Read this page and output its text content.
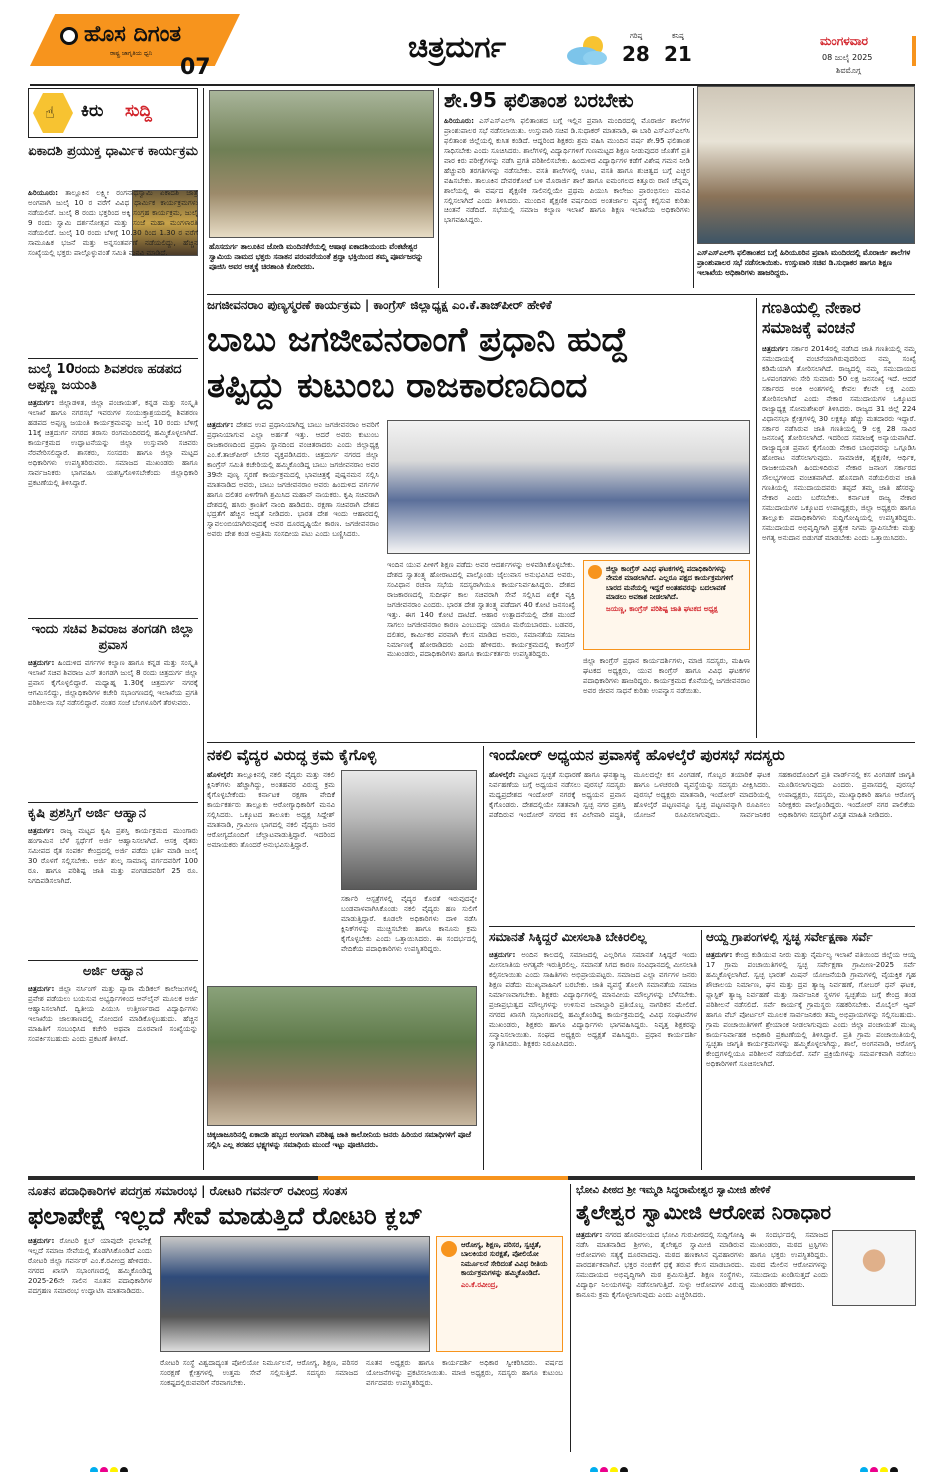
ಹೊಸ ದಿಗಂತ
ರಾಷ್ಟ್ರ ಜಾಗೃತಿಯ ಧ್ವನಿ
07
ಚಿತ್ರದುರ್ಗ	ಗರಿಷ್ಠ
28
ಕನಿಷ್ಠ
21
ಮಂಗಳವಾರ
08 ಜುಲೈ 2025
ಶಿವಮೊಗ್ಗ
☝ ಕಿರು ಸುದ್ದಿ
ಏಕಾದಶಿ ಪ್ರಯುಕ್ತ ಧಾರ್ಮಿಕ ಕಾರ್ಯಕ್ರಮ
ಹಿರಿಯೂರು: ತಾಲ್ಲೂಕಿನ ಲಕ್ಷ್ಮೀ ರಂಗನಾಥಸ್ವಾಮಿ ಏಕಾದಶಿ ಜಾತ್ರೆ ಅಂಗವಾಗಿ ಜುಲೈ 10 ರ ವರೆಗೆ ವಿವಿಧ ಧಾರ್ಮಿಕ ಕಾರ್ಯಕ್ರಮಗಳು ನಡೆಯಲಿವೆ. ಜುಲೈ 8 ರಂದು ಭಕ್ತರಿಂದ ಅಕ್ಕಿ ಸಂಗ್ರಹ ಕಾರ್ಯಕ್ರಮ, ಜುಲೈ 9 ರಂದು ಸ್ವಾಮಿ ದರ್ಶನೋತ್ಸವ ಮತ್ತು ಸಂಜೆ ಮಹಾ ಮಂಗಳಾರತಿ ನಡೆಯಲಿದೆ. ಜುಲೈ 10 ರಂದು ಬೆಳಿಗ್ಗೆ 10.30 ರಿಂದ 1.30 ರ ವರೆಗೆ ಸಾಮೂಹಿಕ ಭಜನೆ ಮತ್ತು ಅನ್ನಸಂತರ್ಪಣೆ ನಡೆಯಲಿದ್ದು, ಹೆಚ್ಚಿನ ಸಂಖ್ಯೆಯಲ್ಲಿ ಭಕ್ತರು ಪಾಲ್ಗೊಳ್ಳುವಂತೆ ಸಮಿತಿ ಮನವಿ ಮಾಡಿದೆ.
ಜುಲೈ 10ರಂದು ಶಿವಶರಣ ಹಡಪದ ಅಪ್ಪಣ್ಣ ಜಯಂತಿ
ಚಿತ್ರದುರ್ಗ: ಜಿಲ್ಲಾಡಳಿತ, ಜಿಲ್ಲಾ ಪಂಚಾಯತ್, ಕನ್ನಡ ಮತ್ತು ಸಂಸ್ಕೃತಿ ಇಲಾಖೆ ಹಾಗೂ ನಗರಸಭೆ ಇವರುಗಳ ಸಂಯುಕ್ತಾಶ್ರಯದಲ್ಲಿ ಶಿವಶರಣ ಹಡಪದ ಅಪ್ಪಣ್ಣ ಜಯಂತಿ ಕಾರ್ಯಕ್ರಮವನ್ನು ಜುಲೈ 10 ರಂದು ಬೆಳಿಗ್ಗೆ 11ಕ್ಕೆ ಚಿತ್ರದುರ್ಗ ನಗರದ ತರಾಸು ರಂಗಮಂದಿರದಲ್ಲಿ ಹಮ್ಮಿಕೊಳ್ಳಲಾಗಿದೆ. ಕಾರ್ಯಕ್ರಮದ ಉದ್ಘಾಟನೆಯನ್ನು ಜಿಲ್ಲಾ ಉಸ್ತುವಾರಿ ಸಚಿವರು ನೆರವೇರಿಸಲಿದ್ದಾರೆ. ಶಾಸಕರು, ಸಂಸದರು ಹಾಗೂ ಜಿಲ್ಲಾ ಮಟ್ಟದ ಅಧಿಕಾರಿಗಳು ಉಪಸ್ಥಿತರಿರುವರು. ಸಮಾಜದ ಮುಖಂಡರು ಹಾಗೂ ಸಾರ್ವಜನಿಕರು ಭಾಗವಹಿಸಿ ಯಶಸ್ವಿಗೊಳಿಸಬೇಕೆಂದು ಜಿಲ್ಲಾಧಿಕಾರಿ ಪ್ರಕಟಣೆಯಲ್ಲಿ ತಿಳಿಸಿದ್ದಾರೆ.
ಇಂದು ಸಚಿವ ಶಿವರಾಜ ತಂಗಡಗಿ ಜಿಲ್ಲಾ ಪ್ರವಾಸ
ಚಿತ್ರದುರ್ಗ: ಹಿಂದುಳಿದ ವರ್ಗಗಳ ಕಲ್ಯಾಣ ಹಾಗೂ ಕನ್ನಡ ಮತ್ತು ಸಂಸ್ಕೃತಿ ಇಲಾಖೆ ಸಚಿವ ಶಿವರಾಜ ಎಸ್ ತಂಗಡಗಿ ಜುಲೈ 8 ರಂದು ಚಿತ್ರದುರ್ಗ ಜಿಲ್ಲಾ ಪ್ರವಾಸ ಕೈಗೊಳ್ಳಲಿದ್ದಾರೆ. ಮಧ್ಯಾಹ್ನ 1.30ಕ್ಕೆ ಚಿತ್ರದುರ್ಗ ನಗರಕ್ಕೆ ಆಗಮಿಸಲಿದ್ದು, ಜಿಲ್ಲಾಧಿಕಾರಿಗಳ ಕಚೇರಿ ಸಭಾಂಗಣದಲ್ಲಿ ಇಲಾಖೆಯ ಪ್ರಗತಿ ಪರಿಶೀಲನಾ ಸಭೆ ನಡೆಸಲಿದ್ದಾರೆ. ನಂತರ ಸಂಜೆ ಬೆಂಗಳೂರಿಗೆ ತೆರಳುವರು.
ಕೃಷಿ ಪ್ರಶಸ್ತಿಗೆ ಅರ್ಜಿ ಆಹ್ವಾನ
ಚಿತ್ರದುರ್ಗ: ರಾಜ್ಯ ಮಟ್ಟದ ಕೃಷಿ ಪ್ರಶಸ್ತಿ ಕಾರ್ಯಕ್ರಮದ ಮುಂಗಾರು ಹಂಗಾಮಿನ ಬೆಳೆ ಸ್ಪರ್ಧೆಗೆ ಅರ್ಜಿ ಆಹ್ವಾನಿಸಲಾಗಿದೆ. ಆಸಕ್ತ ರೈತರು ಸಮೀಪದ ರೈತ ಸಂಪರ್ಕ ಕೇಂದ್ರದಲ್ಲಿ ಅರ್ಜಿ ಪಡೆದು ಭರ್ತಿ ಮಾಡಿ ಜುಲೈ 30 ರೊಳಗೆ ಸಲ್ಲಿಸಬೇಕು. ಅರ್ಜಿ ಶುಲ್ಕ ಸಾಮಾನ್ಯ ವರ್ಗದವರಿಗೆ 100 ರೂ. ಹಾಗೂ ಪರಿಶಿಷ್ಟ ಜಾತಿ ಮತ್ತು ಪಂಗಡದವರಿಗೆ 25 ರೂ. ನಿಗದಿಪಡಿಸಲಾಗಿದೆ.
ಅರ್ಜಿ ಆಹ್ವಾನ
ಚಿತ್ರದುರ್ಗ: ಜಿಲ್ಲಾ ನರ್ಸಿಂಗ್ ಮತ್ತು ಪ್ಯಾರಾ ಮೆಡಿಕಲ್ ಕಾಲೇಜುಗಳಲ್ಲಿ ಪ್ರವೇಶ ಪಡೆಯಲು ಬಯಸುವ ಅಭ್ಯರ್ಥಿಗಳಿಂದ ಆನ್‍ಲೈನ್ ಮೂಲಕ ಅರ್ಜಿ ಆಹ್ವಾನಿಸಲಾಗಿದೆ. ದ್ವಿತೀಯ ಪಿಯುಸಿ ಉತ್ತೀರ್ಣರಾದ ವಿದ್ಯಾರ್ಥಿಗಳು ಇಲಾಖೆಯ ಜಾಲತಾಣದಲ್ಲಿ ನೋಂದಣಿ ಮಾಡಿಕೊಳ್ಳಬಹುದು. ಹೆಚ್ಚಿನ ಮಾಹಿತಿಗೆ ಸಂಬಂಧಿಸಿದ ಕಚೇರಿ ಅಥವಾ ದೂರವಾಣಿ ಸಂಖ್ಯೆಯನ್ನು ಸಂಪರ್ಕಿಸಬಹುದು ಎಂದು ಪ್ರಕಟಣೆ ತಿಳಿಸಿದೆ.
ಹೊಸದುರ್ಗ ತಾಲೂಕಿನ ಜೋಡಿ ಮಂದಿನಕೆರೆಯಲ್ಲಿ ಆಷಾಢ ಏಕಾದಶಿಯಂದು ವೆಂಕಟೇಶ್ವರ ಸ್ವಾಮಿಯ ನಾಮದ ಭಕ್ತರು ಸನಾತನ ಪರಂಪರೆಯಂತೆ ಶ್ರದ್ಧಾ ಭಕ್ತಿಯಿಂದ ತಮ್ಮ ಪೂರ್ವಜರನ್ನು ಪೂಜಿಸಿ ಅವರ ಆತ್ಮಕ್ಕೆ ಚಿರಶಾಂತಿ ಕೋರಿದರು.
ಶೇ.95 ಫಲಿತಾಂಶ ಬರಬೇಕು
ಹಿರಿಯೂರು: ಎಸ್‍ಎಸ್‍ಎಲ್‍ಸಿ ಫಲಿತಾಂಶದ ಬಗ್ಗೆ ಇಲ್ಲಿನ ಪ್ರವಾಸಿ ಮಂದಿರದಲ್ಲಿ ಮೊರಾರ್ಜಿ ಶಾಲೆಗಳ ಪ್ರಾಂಶುಪಾಲರ ಸಭೆ ನಡೆಸಲಾಯಿತು. ಉಸ್ತುವಾರಿ ಸಚಿವ ಡಿ.ಸುಧಾಕರ್ ಮಾತನಾಡಿ, ಈ ಬಾರಿ ಎಸ್‍ಎಸ್‍ಎಲ್‍ಸಿ ಫಲಿತಾಂಶ ಜಿಲ್ಲೆಯಲ್ಲಿ ಕುಸಿತ ಕಂಡಿದೆ. ಆದ್ದರಿಂದ ಶಿಕ್ಷಕರು ಶ್ರಮ ವಹಿಸಿ ಮುಂದಿನ ವರ್ಷ ಶೇ.95 ಫಲಿತಾಂಶ ಸಾಧಿಸಬೇಕು ಎಂದು ಸೂಚಿಸಿದರು. ಶಾಲೆಗಳಲ್ಲಿ ವಿದ್ಯಾರ್ಥಿಗಳಿಗೆ ಗುಣಮಟ್ಟದ ಶಿಕ್ಷಣ ನೀಡುವುದರ ಜೊತೆಗೆ ಪ್ರತಿ ವಾರ ಕಿರು ಪರೀಕ್ಷೆಗಳನ್ನು ನಡೆಸಿ ಪ್ರಗತಿ ಪರಿಶೀಲಿಸಬೇಕು. ಹಿಂದುಳಿದ ವಿದ್ಯಾರ್ಥಿಗಳ ಕಡೆಗೆ ವಿಶೇಷ ಗಮನ ನೀಡಿ ಹೆಚ್ಚುವರಿ ತರಗತಿಗಳನ್ನು ನಡೆಸಬೇಕು. ವಸತಿ ಶಾಲೆಗಳಲ್ಲಿ ಊಟ, ವಸತಿ ಹಾಗೂ ಶುಚಿತ್ವದ ಬಗ್ಗೆ ಎಚ್ಚರ ವಹಿಸಬೇಕು. ತಾಲೂಕಿನ ದೇವರಕೋಟೆ ಬಳಿ ಮೊರಾರ್ಜಿ ಶಾಲೆ ಹಾಗೂ ಐಮಂಗಲದ ಕಿತ್ತೂರು ರಾಣಿ ಚೆನ್ನಮ್ಮ ಶಾಲೆಯಲ್ಲಿ ಈ ವರ್ಷದ ಶೈಕ್ಷಣಿಕ ಸಾಲಿನಲ್ಲಿಯೇ ಪ್ರಥಮ ಪಿಯುಸಿ ಕಾಲೇಜು ಪ್ರಾರಂಭಿಸಲು ಮನವಿ ಸಲ್ಲಿಸಲಾಗಿದೆ ಎಂದು ತಿಳಿಸಿದರು. ಮುಂದಿನ ಶೈಕ್ಷಣಿಕ ವರ್ಷದಿಂದ ಅಂತರ್ಜಾಲ ವ್ಯವಸ್ಥೆ ಕಲ್ಪಿಸುವ ಕುರಿತು ಚಿಂತನೆ ನಡೆದಿದೆ. ಸಭೆಯಲ್ಲಿ ಸಮಾಜ ಕಲ್ಯಾಣ ಇಲಾಖೆ ಹಾಗೂ ಶಿಕ್ಷಣ ಇಲಾಖೆಯ ಅಧಿಕಾರಿಗಳು ಭಾಗವಹಿಸಿದ್ದರು.
ಎಸ್‍ಎಸ್‍ಎಲ್‍ಸಿ ಫಲಿತಾಂಶದ ಬಗ್ಗೆ ಹಿರಿಯೂರಿನ ಪ್ರವಾಸಿ ಮಂದಿರದಲ್ಲಿ ಮೊರಾರ್ಜಿ ಶಾಲೆಗಳ ಪ್ರಾಂಶುಪಾಲರ ಸಭೆ ನಡೆಸಲಾಯಿತು. ಉಸ್ತುವಾರಿ ಸಚಿವ ಡಿ.ಸುಧಾಕರ ಹಾಗೂ ಶಿಕ್ಷಣ ಇಲಾಖೆಯ ಅಧಿಕಾರಿಗಳು ಹಾಜರಿದ್ದರು.
ಜಗಜೀವನರಾಂ ಪುಣ್ಯಸ್ಮರಣೆ ಕಾರ್ಯಕ್ರಮ | ಕಾಂಗ್ರೆಸ್ ಜಿಲ್ಲಾಧ್ಯಕ್ಷ ಎಂ.ಕೆ.ತಾಜ್‍ಪೀರ್ ಹೇಳಿಕೆ
ಬಾಬು ಜಗಜೀವನರಾಂಗೆ ಪ್ರಧಾನಿ ಹುದ್ದೆ
ತಪ್ಪಿದ್ದು ಕುಟುಂಬ ರಾಜಕಾರಣದಿಂದ
ಚಿತ್ರದುರ್ಗ: ದೇಶದ ಉಪ ಪ್ರಧಾನಿಯಾಗಿದ್ದ ಬಾಬು ಜಗಜೀವನರಾಂ ಅವರಿಗೆ ಪ್ರಧಾನಿಯಾಗುವ ಎಲ್ಲಾ ಅರ್ಹತೆ ಇತ್ತು. ಆದರೆ ಅವರು ಕುಟುಂಬ ರಾಜಕಾರಣದಿಂದ ಪ್ರಧಾನಿ ಸ್ಥಾನದಿಂದ ವಂಚಿತರಾದರು ಎಂದು ಜಿಲ್ಲಾಧ್ಯಕ್ಷ ಎಂ.ಕೆ.ತಾಜ್‍ಪೀರ್ ಬೇಸರ ವ್ಯಕ್ತಪಡಿಸಿದರು. ಚಿತ್ರದುರ್ಗ ನಗರದ ಜಿಲ್ಲಾ ಕಾಂಗ್ರೆಸ್ ಸಮಿತಿ ಕಚೇರಿಯಲ್ಲಿ ಹಮ್ಮಿಕೊಂಡಿದ್ದ ಬಾಬು ಜಗಜೀವನರಾಂ ಅವರ 39ನೇ ಪುಣ್ಯ ಸ್ಮರಣೆ ಕಾರ್ಯಕ್ರಮದಲ್ಲಿ ಭಾವಚಿತ್ರಕ್ಕೆ ಪುಷ್ಪನಮನ ಸಲ್ಲಿಸಿ ಮಾತನಾಡಿದ ಅವರು, ಬಾಬು ಜಗಜೀವನರಾಂ ಅವರು ಹಿಂದುಳಿದ ವರ್ಗಗಳ ಹಾಗೂ ದಲಿತರ ಏಳಿಗೆಗಾಗಿ ಶ್ರಮಿಸಿದ ಮಹಾನ್ ನಾಯಕರು. ಕೃಷಿ ಸಚಿವರಾಗಿ ದೇಶದಲ್ಲಿ ಹಸಿರು ಕ್ರಾಂತಿಗೆ ನಾಂದಿ ಹಾಡಿದರು. ರಕ್ಷಣಾ ಸಚಿವರಾಗಿ ದೇಶದ ಭದ್ರತೆಗೆ ಹೆಚ್ಚಿನ ಆದ್ಯತೆ ನೀಡಿದರು. ಭಾರತ ದೇಶ ಇಂದು ಆಹಾರದಲ್ಲಿ ಸ್ವಾವಲಂಬಿಯಾಗಿರುವುದಕ್ಕೆ ಅವರ ದೂರದೃಷ್ಟಿಯೇ ಕಾರಣ. ಜಗಜೀವನರಾಂ ಅವರು ದೇಶ ಕಂಡ ಅಪ್ರತಿಮ ಸಂಸದೀಯ ಪಟು ಎಂದು ಬಣ್ಣಿಸಿದರು.
ಇಂದಿನ ಯುವ ಪೀಳಿಗೆ ಶಿಕ್ಷಣ ಪಡೆದು ಅವರ ಆದರ್ಶಗಳನ್ನು ಅಳವಡಿಸಿಕೊಳ್ಳಬೇಕು. ದೇಶದ ಸ್ವಾತಂತ್ರ್ಯ ಹೋರಾಟದಲ್ಲಿ ಪಾಲ್ಗೊಂಡು ಜೈಲುವಾಸ ಅನುಭವಿಸಿದ ಅವರು, ಸಂವಿಧಾನ ರಚನಾ ಸಭೆಯ ಸದಸ್ಯರಾಗಿಯೂ ಕಾರ್ಯನಿರ್ವಹಿಸಿದ್ದರು. ದೇಶದ ರಾಜಕಾರಣದಲ್ಲಿ ಸುದೀರ್ಘ ಕಾಲ ಸಚಿವರಾಗಿ ಸೇವೆ ಸಲ್ಲಿಸಿದ ಏಕೈಕ ವ್ಯಕ್ತಿ ಜಗಜೀವನರಾಂ ಎಂದರು. ಭಾರತ ದೇಶ ಸ್ವಾತಂತ್ರ್ಯ ಪಡೆದಾಗ 40 ಕೋಟಿ ಜನಸಂಖ್ಯೆ ಇತ್ತು. ಈಗ 140 ಕೋಟಿ ದಾಟಿದೆ. ಆಹಾರ ಉತ್ಪಾದನೆಯಲ್ಲಿ ದೇಶ ಮುಂದೆ ಸಾಗಲು ಜಗಜೀವನರಾಂ ಕಾರಣ ಎಂಬುದನ್ನು ಯಾರೂ ಮರೆಯಬಾರದು. ಬಡವರ, ದಲಿತರ, ಕಾರ್ಮಿಕರ ಪರವಾಗಿ ಕೆಲಸ ಮಾಡಿದ ಅವರು, ಸಮಾನತೆಯ ಸಮಾಜ ನಿರ್ಮಾಣಕ್ಕೆ ಹೋರಾಡಿದರು ಎಂದು ಹೇಳಿದರು. ಕಾರ್ಯಕ್ರಮದಲ್ಲಿ ಕಾಂಗ್ರೆಸ್ ಮುಖಂಡರು, ಪದಾಧಿಕಾರಿಗಳು ಹಾಗೂ ಕಾರ್ಯಕರ್ತರು ಉಪಸ್ಥಿತರಿದ್ದರು.
ಜಿಲ್ಲಾ ಕಾಂಗ್ರೆಸ್ ವಿವಿಧ ಘಟಕಗಳಲ್ಲಿ ಪದಾಧಿಕಾರಿಗಳನ್ನು ನೇಮಕ ಮಾಡಲಾಗಿದೆ. ಎಲ್ಲರೂ ಪಕ್ಷದ ಕಾರ್ಯಕ್ರಮಗಳಿಗೆ ಬಾರದ ಮನೆಯಲ್ಲಿ ಇದ್ದರೆ ಅಂತಹವರನ್ನು ಬದಲಾವಣೆ ಮಾಡಲು ಅವಕಾಶ ನೀಡಲಾಗಿದೆ.
ಜಯಣ್ಣ, ಕಾಂಗ್ರೆಸ್ ಪರಿಶಿಷ್ಟ ಜಾತಿ ಘಟಕದ ಅಧ್ಯಕ್ಷ
ಜಿಲ್ಲಾ ಕಾಂಗ್ರೆಸ್ ಪ್ರಧಾನ ಕಾರ್ಯದರ್ಶಿಗಳು, ಮಾಜಿ ಸದಸ್ಯರು, ಮಹಿಳಾ ಘಟಕದ ಅಧ್ಯಕ್ಷರು, ಯುವ ಕಾಂಗ್ರೆಸ್ ಹಾಗೂ ವಿವಿಧ ಘಟಕಗಳ ಪದಾಧಿಕಾರಿಗಳು ಹಾಜರಿದ್ದರು. ಕಾರ್ಯಕ್ರಮದ ಕೊನೆಯಲ್ಲಿ ಜಗಜೀವನರಾಂ ಅವರ ಜೀವನ ಸಾಧನೆ ಕುರಿತು ಉಪನ್ಯಾಸ ನಡೆಯಿತು.
ಗಣತಿಯಲ್ಲಿ ನೇಕಾರ
ಸಮಾಜಕ್ಕೆ ವಂಚನೆ
ಚಿತ್ರದುರ್ಗ: ಸರ್ಕಾರ 2014ರಲ್ಲಿ ನಡೆಸಿದ ಜಾತಿ ಗಣತಿಯಲ್ಲಿ ನಮ್ಮ ಸಮುದಾಯಕ್ಕೆ ವಂಚನೆಯಾಗಿರುವುದರಿಂದ ನಮ್ಮ ಸಂಖ್ಯೆ ಕಡಿಮೆಯಾಗಿ ತೋರಿಸಲಾಗಿದೆ. ರಾಜ್ಯದಲ್ಲಿ ನಮ್ಮ ಸಮುದಾಯದ ಒಳಪಂಗಡಗಳು ಸೇರಿ ಸುಮಾರು 50 ಲಕ್ಷ ಜನಸಂಖ್ಯೆ ಇದೆ. ಆದರೆ ಸರ್ಕಾರದ ಅಂಕಿ ಅಂಶಗಳಲ್ಲಿ ಕೇವಲ ಕೆಲವೇ ಲಕ್ಷ ಎಂದು ತೋರಿಸಲಾಗಿದೆ ಎಂದು ನೇಕಾರ ಸಮುದಾಯಗಳ ಒಕ್ಕೂಟದ ರಾಜ್ಯಾಧ್ಯಕ್ಷ ಸೋಮಶೇಖರ್ ತಿಳಿಸಿದರು. ರಾಜ್ಯದ 31 ಜಿಲ್ಲೆ 224 ವಿಧಾನಸಭಾ ಕ್ಷೇತ್ರಗಳಲ್ಲಿ 30 ಲಕ್ಷಕ್ಕೂ ಹೆಚ್ಚು ಮತದಾರರು ಇದ್ದಾರೆ. ಸರ್ಕಾರ ನಡೆಸಿರುವ ಜಾತಿ ಗಣತಿಯಲ್ಲಿ 9 ಲಕ್ಷ 28 ಸಾವಿರ ಜನಸಂಖ್ಯೆ ತೋರಿಸಲಾಗಿದೆ. ಇದರಿಂದ ಸಮಾಜಕ್ಕೆ ಅನ್ಯಾಯವಾಗಿದೆ. ರಾಜ್ಯಾದ್ಯಂತ ಪ್ರವಾಸ ಕೈಗೊಂಡು ನೇಕಾರ ಬಾಂಧವರನ್ನು ಒಗ್ಗೂಡಿಸಿ ಹೋರಾಟ ನಡೆಸಲಾಗುವುದು. ಸಾಮಾಜಿಕ, ಶೈಕ್ಷಣಿಕ, ಆರ್ಥಿಕ, ರಾಜಕೀಯವಾಗಿ ಹಿಂದುಳಿದಿರುವ ನೇಕಾರ ಜನಾಂಗ ಸರ್ಕಾರದ ಸೌಲಭ್ಯಗಳಿಂದ ವಂಚಿತವಾಗಿದೆ. ಹೊಸದಾಗಿ ನಡೆಯಲಿರುವ ಜಾತಿ ಗಣತಿಯಲ್ಲಿ ಸಮುದಾಯದವರು ತಪ್ಪದೆ ತಮ್ಮ ಜಾತಿ ಹೆಸರನ್ನು ನೇಕಾರ ಎಂದು ಬರೆಸಬೇಕು. ಕರ್ನಾಟಕ ರಾಜ್ಯ ನೇಕಾರ ಸಮುದಾಯಗಳ ಒಕ್ಕೂಟದ ಉಪಾಧ್ಯಕ್ಷರು, ಜಿಲ್ಲಾ ಅಧ್ಯಕ್ಷರು ಹಾಗೂ ತಾಲ್ಲೂಕು ಪದಾಧಿಕಾರಿಗಳು ಸುದ್ದಿಗೋಷ್ಠಿಯಲ್ಲಿ ಉಪಸ್ಥಿತರಿದ್ದರು. ಸಮುದಾಯದ ಅಭಿವೃದ್ಧಿಗಾಗಿ ಪ್ರತ್ಯೇಕ ನಿಗಮ ಸ್ಥಾಪಿಸಬೇಕು ಮತ್ತು ಅಗತ್ಯ ಅನುದಾನ ಬಿಡುಗಡೆ ಮಾಡಬೇಕು ಎಂದು ಒತ್ತಾಯಿಸಿದರು.
ನಕಲಿ ವೈದ್ಯರ ವಿರುದ್ಧ ಕ್ರಮ ಕೈಗೊಳ್ಳಿ
ಹೊಳಲ್ಕೆರೆ: ತಾಲ್ಲೂಕಿನಲ್ಲಿ ನಕಲಿ ವೈದ್ಯರು ಮತ್ತು ನಕಲಿ ಕ್ಲಿನಿಕ್‍ಗಳು ಹೆಚ್ಚಾಗಿದ್ದು, ಅಂತಹವರ ವಿರುದ್ಧ ಕ್ರಮ ಕೈಗೊಳ್ಳಬೇಕೆಂದು ಕರ್ನಾಟಕ ರಕ್ಷಣಾ ವೇದಿಕೆ ಕಾರ್ಯಕರ್ತರು ತಾಲ್ಲೂಕು ಆರೋಗ್ಯಾಧಿಕಾರಿಗೆ ಮನವಿ ಸಲ್ಲಿಸಿದರು. ಒಕ್ಕೂಟದ ತಾಲೂಕು ಅಧ್ಯಕ್ಷ ಸಿದ್ದೇಶ್ ಮಾತನಾಡಿ, ಗ್ರಾಮೀಣ ಭಾಗದಲ್ಲಿ ನಕಲಿ ವೈದ್ಯರು ಜನರ ಆರೋಗ್ಯದೊಂದಿಗೆ ಚೆಲ್ಲಾಟವಾಡುತ್ತಿದ್ದಾರೆ. ಇದರಿಂದ ಅಮಾಯಕರು ತೊಂದರೆ ಅನುಭವಿಸುತ್ತಿದ್ದಾರೆ.
ಸರ್ಕಾರಿ ಆಸ್ಪತ್ರೆಗಳಲ್ಲಿ ವೈದ್ಯರ ಕೊರತೆ ಇರುವುದನ್ನೇ ಬಂಡವಾಳವಾಗಿಸಿಕೊಂಡು ನಕಲಿ ವೈದ್ಯರು ಹಣ ಸುಲಿಗೆ ಮಾಡುತ್ತಿದ್ದಾರೆ. ಕೂಡಲೇ ಅಧಿಕಾರಿಗಳು ದಾಳಿ ನಡೆಸಿ ಕ್ಲಿನಿಕ್‍ಗಳನ್ನು ಮುಚ್ಚಿಸಬೇಕು ಹಾಗೂ ಕಾನೂನು ಕ್ರಮ ಕೈಗೊಳ್ಳಬೇಕು ಎಂದು ಒತ್ತಾಯಿಸಿದರು. ಈ ಸಂದರ್ಭದಲ್ಲಿ ವೇದಿಕೆಯ ಪದಾಧಿಕಾರಿಗಳು ಉಪಸ್ಥಿತರಿದ್ದರು.
ಚಿಕ್ಕಜಾಜೂರಿನಲ್ಲಿ ಏಕಾದಶಿ ಹಬ್ಬದ ಅಂಗವಾಗಿ ಪರಿಶಿಷ್ಟ ಜಾತಿ ಕಾಲೋನಿಯ ಜನರು ಹಿರಿಯರ ಸಮಾಧಿಗಳಿಗೆ ಪೂಜೆ ಸಲ್ಲಿಸಿ ಎಲ್ಲ ತರಹದ ಭಕ್ಷ್ಯಗಳನ್ನು ಸಮಾಧಿಯ ಮುಂದೆ ಇಟ್ಟು ಪೂಜಿಸಿದರು.
ಇಂದೋರ್ ಅಧ್ಯಯನ ಪ್ರವಾಸಕ್ಕೆ ಹೊಳಲ್ಕೆರೆ ಪುರಸಭೆ ಸದಸ್ಯರು
ಹೊಳಲ್ಕೆರೆ: ಪಟ್ಟಣದ ಸ್ವಚ್ಛತೆ ಸುಧಾರಣೆ ಹಾಗೂ ಘನತ್ಯಾಜ್ಯ ನಿರ್ವಹಣೆಯ ಬಗ್ಗೆ ಅಧ್ಯಯನ ನಡೆಸಲು ಪುರಸಭೆ ಸದಸ್ಯರು ಮಧ್ಯಪ್ರದೇಶದ ಇಂದೋರ್ ನಗರಕ್ಕೆ ಅಧ್ಯಯನ ಪ್ರವಾಸ ಕೈಗೊಂಡರು. ದೇಶದಲ್ಲಿಯೇ ಸತತವಾಗಿ ಸ್ವಚ್ಛ ನಗರ ಪ್ರಶಸ್ತಿ ಪಡೆದಿರುವ ಇಂದೋರ್ ನಗರದ ಕಸ ವಿಲೇವಾರಿ ಪದ್ಧತಿ, ಮೂಲದಲ್ಲೇ ಕಸ ವಿಂಗಡಣೆ, ಗೊಬ್ಬರ ತಯಾರಿಕೆ ಘಟಕ ಹಾಗೂ ಒಳಚರಂಡಿ ವ್ಯವಸ್ಥೆಯನ್ನು ಸದಸ್ಯರು ವೀಕ್ಷಿಸಿದರು. ಪುರಸಭೆ ಅಧ್ಯಕ್ಷರು ಮಾತನಾಡಿ, ಇಂದೋರ್ ಮಾದರಿಯಲ್ಲಿ ಹೊಳಲ್ಕೆರೆ ಪಟ್ಟಣವನ್ನೂ ಸ್ವಚ್ಛ ಪಟ್ಟಣವನ್ನಾಗಿ ರೂಪಿಸಲು ಯೋಜನೆ ರೂಪಿಸಲಾಗುವುದು. ಸಾರ್ವಜನಿಕರ ಸಹಕಾರದೊಂದಿಗೆ ಪ್ರತಿ ವಾರ್ಡ್‍ನಲ್ಲಿ ಕಸ ವಿಂಗಡಣೆ ಜಾಗೃತಿ ಮೂಡಿಸಲಾಗುವುದು ಎಂದರು. ಪ್ರವಾಸದಲ್ಲಿ ಪುರಸಭೆ ಉಪಾಧ್ಯಕ್ಷರು, ಸದಸ್ಯರು, ಮುಖ್ಯಾಧಿಕಾರಿ ಹಾಗೂ ಆರೋಗ್ಯ ನಿರೀಕ್ಷಕರು ಪಾಲ್ಗೊಂಡಿದ್ದರು. ಇಂದೋರ್ ನಗರ ಪಾಲಿಕೆಯ ಅಧಿಕಾರಿಗಳು ಸದಸ್ಯರಿಗೆ ವಿಸ್ತೃತ ಮಾಹಿತಿ ನೀಡಿದರು.
ಸಮಾನತೆ ಸಿಕ್ಕಿದ್ದರೆ ಮೀಸಲಾತಿ ಬೇಕಿರಲಿಲ್ಲ
ಚಿತ್ರದುರ್ಗ: ಅಂದಿನ ಕಾಲದಲ್ಲಿ ಸಮಾಜದಲ್ಲಿ ಎಲ್ಲರಿಗೂ ಸಮಾನತೆ ಸಿಕ್ಕಿದ್ದರೆ ಇಂದು ಮೀಸಲಾತಿಯ ಅಗತ್ಯವೇ ಇರುತ್ತಿರಲಿಲ್ಲ. ಸಮಾನತೆ ಸಿಗದ ಕಾರಣ ಸಂವಿಧಾನದಲ್ಲಿ ಮೀಸಲಾತಿ ಕಲ್ಪಿಸಲಾಯಿತು ಎಂದು ಸಾಹಿತಿಗಳು ಅಭಿಪ್ರಾಯಪಟ್ಟರು. ಸಮಾಜದ ಎಲ್ಲಾ ವರ್ಗಗಳ ಜನರು ಶಿಕ್ಷಣ ಪಡೆದು ಮುಖ್ಯವಾಹಿನಿಗೆ ಬರಬೇಕು. ಜಾತಿ ವ್ಯವಸ್ಥೆ ತೊಲಗಿ ಸಮಾನತೆಯ ಸಮಾಜ ನಿರ್ಮಾಣವಾಗಬೇಕು. ಶಿಕ್ಷಕರು ವಿದ್ಯಾರ್ಥಿಗಳಲ್ಲಿ ಮಾನವೀಯ ಮೌಲ್ಯಗಳನ್ನು ಬೆಳೆಸಬೇಕು. ಪ್ರಜಾಪ್ರಭುತ್ವದ ಮೌಲ್ಯಗಳನ್ನು ಉಳಿಸುವ ಜವಾಬ್ದಾರಿ ಪ್ರತಿಯೊಬ್ಬ ನಾಗರಿಕನ ಮೇಲಿದೆ. ನಗರದ ಖಾಸಗಿ ಸಭಾಂಗಣದಲ್ಲಿ ಹಮ್ಮಿಕೊಂಡಿದ್ದ ಕಾರ್ಯಕ್ರಮದಲ್ಲಿ ವಿವಿಧ ಸಂಘಟನೆಗಳ ಮುಖಂಡರು, ಶಿಕ್ಷಕರು ಹಾಗೂ ವಿದ್ಯಾರ್ಥಿಗಳು ಭಾಗವಹಿಸಿದ್ದರು. ನಿವೃತ್ತ ಶಿಕ್ಷಕರನ್ನು ಸನ್ಮಾನಿಸಲಾಯಿತು. ಸಂಘದ ಅಧ್ಯಕ್ಷರು ಅಧ್ಯಕ್ಷತೆ ವಹಿಸಿದ್ದರು. ಪ್ರಧಾನ ಕಾರ್ಯದರ್ಶಿ ಸ್ವಾಗತಿಸಿದರು. ಶಿಕ್ಷಕರು ನಿರೂಪಿಸಿದರು.
ಆಯ್ದ ಗ್ರಾಪಂಗಳಲ್ಲಿ ಸ್ವಚ್ಛ ಸರ್ವೇಕ್ಷಣಾ ಸರ್ವೆ
ಚಿತ್ರದುರ್ಗ: ಕೇಂದ್ರ ಕುಡಿಯುವ ನೀರು ಮತ್ತು ನೈರ್ಮಲ್ಯ ಇಲಾಖೆ ವತಿಯಿಂದ ಜಿಲ್ಲೆಯ ಆಯ್ದ 17 ಗ್ರಾಮ ಪಂಚಾಯಿತಿಗಳಲ್ಲಿ ಸ್ವಚ್ಛ ಸರ್ವೇಕ್ಷಣಾ ಗ್ರಾಮೀಣ-2025 ಸರ್ವೆ ಹಮ್ಮಿಕೊಳ್ಳಲಾಗಿದೆ. ಸ್ವಚ್ಛ ಭಾರತ್ ಮಿಷನ್ ಯೋಜನೆಯಡಿ ಗ್ರಾಮಗಳಲ್ಲಿ ವೈಯಕ್ತಿಕ ಗೃಹ ಶೌಚಾಲಯ ನಿರ್ಮಾಣ, ಘನ ಮತ್ತು ದ್ರವ ತ್ಯಾಜ್ಯ ನಿರ್ವಹಣೆ, ಗೋಬರ್ ಧನ್ ಘಟಕ, ಪ್ಲಾಸ್ಟಿಕ್ ತ್ಯಾಜ್ಯ ನಿರ್ವಹಣೆ ಮತ್ತು ಸಾರ್ವಜನಿಕ ಸ್ಥಳಗಳ ಸ್ವಚ್ಛತೆಯ ಬಗ್ಗೆ ಕೇಂದ್ರ ತಂಡ ಪರಿಶೀಲನೆ ನಡೆಸಲಿದೆ. ಸರ್ವೆ ಕಾರ್ಯಕ್ಕೆ ಗ್ರಾಮಸ್ಥರು ಸಹಕರಿಸಬೇಕು. ಮೊಬೈಲ್ ಆ್ಯಪ್ ಹಾಗೂ ವೆಬ್ ಪೋರ್ಟಲ್ ಮೂಲಕ ಸಾರ್ವಜನಿಕರು ತಮ್ಮ ಅಭಿಪ್ರಾಯಗಳನ್ನು ಸಲ್ಲಿಸಬಹುದು. ಗ್ರಾಮ ಪಂಚಾಯಿತಿಗಳಿಗೆ ಶ್ರೇಯಾಂಕ ನೀಡಲಾಗುವುದು ಎಂದು ಜಿಲ್ಲಾ ಪಂಚಾಯತ್ ಮುಖ್ಯ ಕಾರ್ಯನಿರ್ವಾಹಕ ಅಧಿಕಾರಿ ಪ್ರಕಟಣೆಯಲ್ಲಿ ತಿಳಿಸಿದ್ದಾರೆ. ಪ್ರತಿ ಗ್ರಾಮ ಪಂಚಾಯಿತಿಯಲ್ಲಿ ಸ್ವಚ್ಛತಾ ಜಾಗೃತಿ ಕಾರ್ಯಕ್ರಮಗಳನ್ನು ಹಮ್ಮಿಕೊಳ್ಳಲಾಗಿದ್ದು, ಶಾಲೆ, ಅಂಗನವಾಡಿ, ಆರೋಗ್ಯ ಕೇಂದ್ರಗಳಲ್ಲಿಯೂ ಪರಿಶೀಲನೆ ನಡೆಯಲಿದೆ. ಸರ್ವೆ ಪ್ರಕ್ರಿಯೆಗಳನ್ನು ಸಮರ್ಪಕವಾಗಿ ನಡೆಸಲು ಅಧಿಕಾರಿಗಳಿಗೆ ಸೂಚಿಸಲಾಗಿದೆ.
ನೂತನ ಪದಾಧಿಕಾರಿಗಳ ಪದಗ್ರಹ ಸಮಾರಂಭ | ರೋಟರಿ ಗವರ್ನರ್ ರವೀಂದ್ರ ಸಂತಸ
ಫಲಾಪೇಕ್ಷೆ ಇಲ್ಲದೆ ಸೇವೆ ಮಾಡುತ್ತಿದೆ ರೋಟರಿ ಕ್ಲಬ್
ಚಿತ್ರದುರ್ಗ: ರೋಟರಿ ಕ್ಲಬ್ ಯಾವುದೇ ಫಲಾಪೇಕ್ಷೆ ಇಲ್ಲದೆ ಸಮಾಜ ಸೇವೆಯಲ್ಲಿ ತೊಡಗಿಸಿಕೊಂಡಿದೆ ಎಂದು ರೋಟರಿ ಜಿಲ್ಲಾ ಗವರ್ನರ್ ಎಂ.ಕೆ.ರವೀಂದ್ರ ಹೇಳಿದರು. ನಗರದ ಖಾಸಗಿ ಸಭಾಂಗಣದಲ್ಲಿ ಹಮ್ಮಿಕೊಂಡಿದ್ದ 2025-26ನೇ ಸಾಲಿನ ನೂತನ ಪದಾಧಿಕಾರಿಗಳ ಪದಗ್ರಹಣ ಸಮಾರಂಭ ಉದ್ಘಾಟಿಸಿ ಮಾತನಾಡಿದರು.
ಆರೋಗ್ಯ, ಶಿಕ್ಷಣ, ಪರಿಸರ, ಸ್ವಚ್ಛತೆ, ಬಾಲಕಿಯರ ಸುರಕ್ಷತೆ, ಪೋಲಿಯೋ ನಿರ್ಮೂಲನೆ ಸೇರಿದಂತೆ ವಿವಿಧ ರೀತಿಯ ಕಾರ್ಯಕ್ರಮಗಳನ್ನು ಹಮ್ಮಿಕೊಂಡಿದೆ.
ಎಂ.ಕೆ.ರವೀಂದ್ರ,
ರೋಟರಿ ಸಂಸ್ಥೆ ವಿಶ್ವದಾದ್ಯಂತ ಪೋಲಿಯೋ ನಿರ್ಮೂಲನೆ, ಆರೋಗ್ಯ, ಶಿಕ್ಷಣ, ಪರಿಸರ ಸಂರಕ್ಷಣೆ ಕ್ಷೇತ್ರಗಳಲ್ಲಿ ಉತ್ತಮ ಸೇವೆ ಸಲ್ಲಿಸುತ್ತಿದೆ. ಸದಸ್ಯರು ಸಮಾಜದ ಸಂಕಷ್ಟದಲ್ಲಿರುವವರಿಗೆ ನೆರವಾಗಬೇಕು.
ನೂತನ ಅಧ್ಯಕ್ಷರು ಹಾಗೂ ಕಾರ್ಯದರ್ಶಿ ಅಧಿಕಾರ ಸ್ವೀಕರಿಸಿದರು. ವರ್ಷದ ಯೋಜನೆಗಳನ್ನು ಪ್ರಕಟಿಸಲಾಯಿತು. ಮಾಜಿ ಅಧ್ಯಕ್ಷರು, ಸದಸ್ಯರು ಹಾಗೂ ಕುಟುಂಬ ವರ್ಗದವರು ಉಪಸ್ಥಿತರಿದ್ದರು.
ಭೋವಿ ಪೀಠದ ಶ್ರೀ ಇಮ್ಮಡಿ ಸಿದ್ಧರಾಮೇಶ್ವರ ಸ್ವಾಮೀಜಿ ಹೇಳಿಕೆ
ತೈಲೇಶ್ವರ ಸ್ವಾಮೀಜಿ ಆರೋಪ ನಿರಾಧಾರ
ಚಿತ್ರದುರ್ಗ: ನಗರದ ಹೊರವಲಯದ ಭೋವಿ ಗುರುಪೀಠದಲ್ಲಿ ಸುದ್ದಿಗೋಷ್ಠಿ ನಡೆಸಿ ಮಾತನಾಡಿದ ಶ್ರೀಗಳು, ತೈಲೇಶ್ವರ ಸ್ವಾಮೀಜಿ ಮಾಡಿರುವ ಆರೋಪಗಳು ಸತ್ಯಕ್ಕೆ ದೂರವಾದವು. ಮಠದ ಹಣಕಾಸಿನ ವ್ಯವಹಾರಗಳು ಪಾರದರ್ಶಕವಾಗಿವೆ. ಭಕ್ತರ ನಂಬಿಕೆಗೆ ಧಕ್ಕೆ ತರುವ ಕೆಲಸ ಮಾಡಬಾರದು. ಸಮುದಾಯದ ಅಭಿವೃದ್ಧಿಗಾಗಿ ಮಠ ಶ್ರಮಿಸುತ್ತಿದೆ. ಶಿಕ್ಷಣ ಸಂಸ್ಥೆಗಳು, ವಿದ್ಯಾರ್ಥಿ ನಿಲಯಗಳನ್ನು ನಡೆಸಲಾಗುತ್ತಿದೆ. ಸುಳ್ಳು ಆರೋಪಗಳ ವಿರುದ್ಧ ಕಾನೂನು ಕ್ರಮ ಕೈಗೊಳ್ಳಲಾಗುವುದು ಎಂದು ಎಚ್ಚರಿಸಿದರು.
ಈ ಸಂದರ್ಭದಲ್ಲಿ ಸಮಾಜದ ಮುಖಂಡರು, ಮಠದ ಟ್ರಸ್ಟಿಗಳು ಹಾಗೂ ಭಕ್ತರು ಉಪಸ್ಥಿತರಿದ್ದರು. ಮಠದ ಮೇಲಿನ ಆರೋಪಗಳನ್ನು ಸಮುದಾಯ ಖಂಡಿಸುತ್ತದೆ ಎಂದು ಮುಖಂಡರು ಹೇಳಿದರು.
